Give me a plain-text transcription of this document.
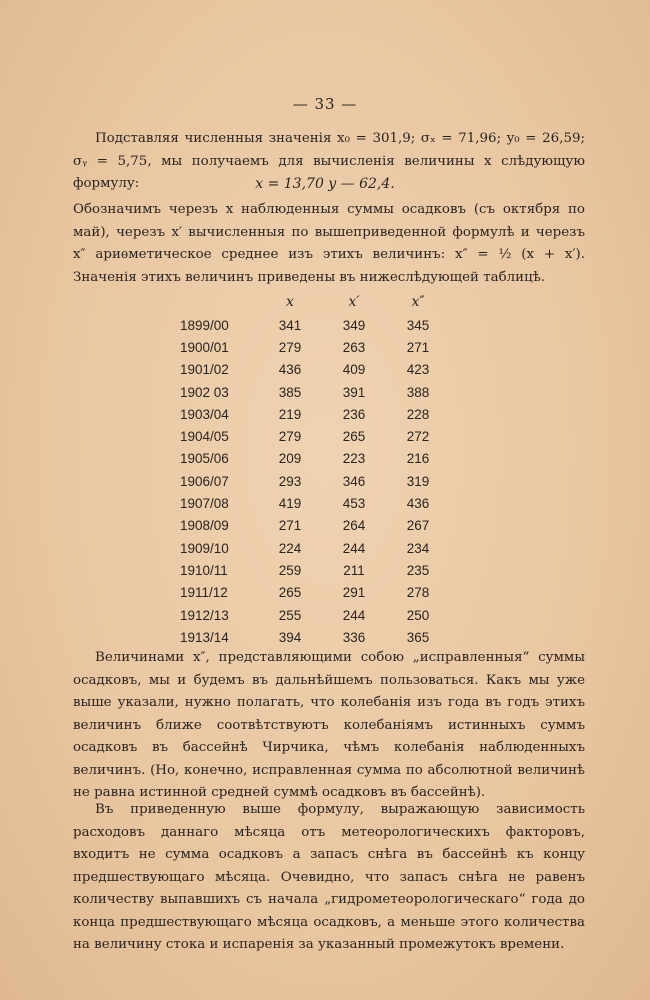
— 33 —
Подставляя численныя значенія x₀ = 301,9; σₓ = 71,96; y₀ = 26,59; σᵧ = 5,75, мы получаемъ для вычисленія величины x слѣдующую формулу:	x = 13,70 y — 62,4.
Обозначимъ черезъ x наблюденныя суммы осадковъ (съ октября по май), черезъ x′ вычисленныя по вышеприведенной формулѣ и черезъ x″ ариѳметическое среднее изъ этихъ величинъ: x″ = ½ (x + x′). Значенія этихъ величинъ приведены въ нижеслѣдующей таблицѣ.
	x	x′	x″
1899/00	341	349	345
1900/01	279	263	271
1901/02	436	409	423
1902 03	385	391	388
1903/04	219	236	228
1904/05	279	265	272
1905/06	209	223	216
1906/07	293	346	319
1907/08	419	453	436
1908/09	271	264	267
1909/10	224	244	234
1910/11	259	211	235
1911/12	265	291	278
1912/13	255	244	250
1913/14	394	336	365
Величинами x″, представляющими собою „исправленныя“ суммы осадковъ, мы и будемъ въ дальнѣйшемъ пользоваться. Какъ мы уже выше указали, нужно полагать, что колебанія изъ года въ годъ этихъ величинъ ближе соотвѣтствуютъ колебаніямъ истинныхъ суммъ осадковъ въ бассейнѣ Чирчика, чѣмъ колебанія наблюденныхъ величинъ. (Но, конечно, исправленная сумма по абсолютной величинѣ не равна истинной средней суммѣ осадковъ въ бассейнѣ).
Въ приведенную выше формулу, выражающую зависимость расходовъ даннаго мѣсяца отъ метеорологическихъ факторовъ, входитъ не сумма осадковъ а запасъ снѣга въ бассейнѣ къ концу предшествующаго мѣсяца. Очевидно, что запасъ снѣга не равенъ количеству выпавшихъ съ начала „гидрометеорологическаго“ года до конца предшествующаго мѣсяца осадковъ, а меньше этого количества на величину стока и испаренія за указанный промежутокъ времени.
